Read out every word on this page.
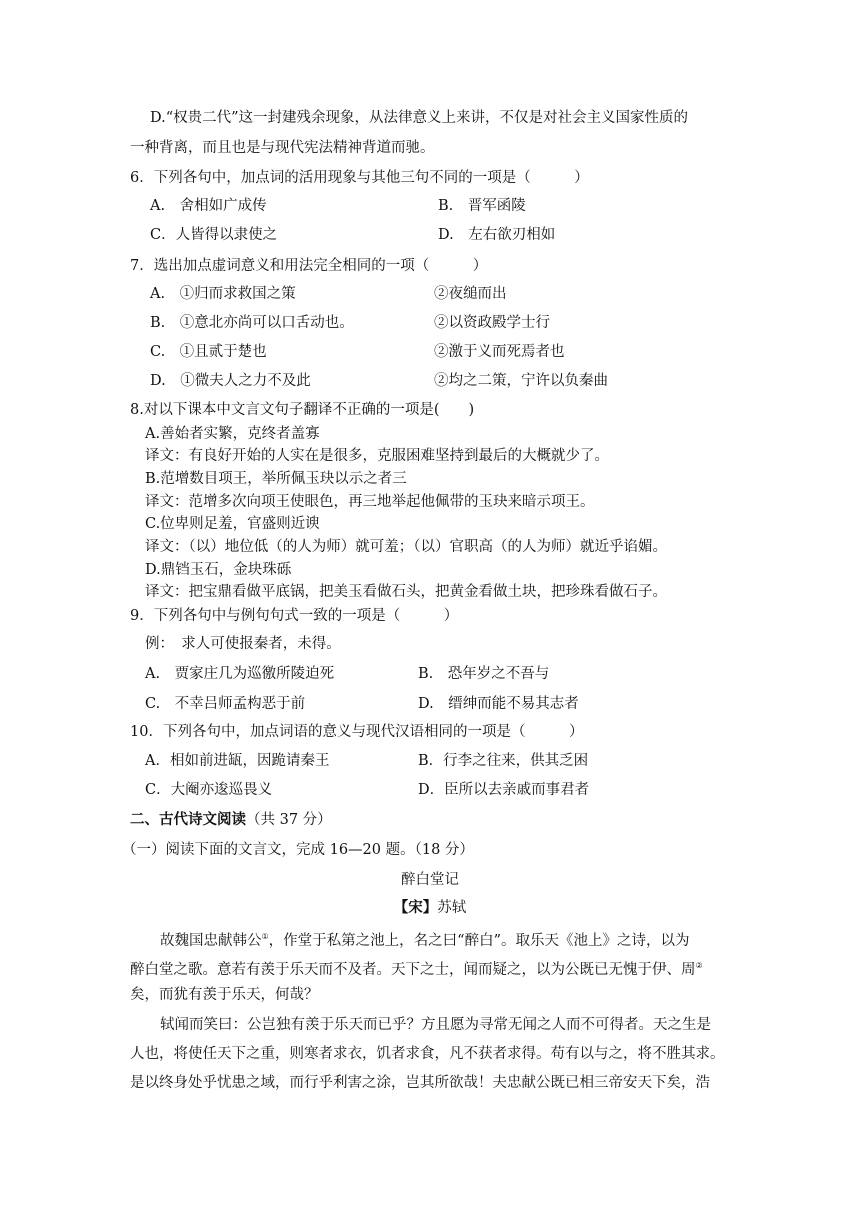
D.“权贵二代”这一封建残余现象，从法律意义上来讲，不仅是对社会主义国家性质的
一种背离，而且也是与现代宪法精神背道而驰。
6．下列各句中，加点词的活用现象与其他三句不同的一项是（　　　）
A.　舍相如广成传	B.　晋军函陵
C．人皆得以隶使之	D.　左右欲刃相如
7．选出加点虚词意义和用法完全相同的一项（　　　）
A.　①归而求救国之策	②夜缒而出
B.　①意北亦尚可以口舌动也。	②以资政殿学士行
C.　①且贰于楚也	②激于义而死焉者也
D.　①微夫人之力不及此	②均之二策，宁许以负秦曲
8.对以下课本中文言文句子翻译不正确的一项是(　　)
A.善始者实繁，克终者盖寡
译文：有良好开始的人实在是很多，克服困难坚持到最后的大概就少了。
B.范增数目项王，举所佩玉玦以示之者三
译文：范增多次向项王使眼色，再三地举起他佩带的玉玦来暗示项王。
C.位卑则足羞，官盛则近谀
译文：（以）地位低（的人为师）就可羞；（以）官职高（的人为师）就近乎谄媚。
D.鼎铛玉石，金块珠砾
译文：把宝鼎看做平底锅，把美玉看做石头，把黄金看做土块，把珍珠看做石子。
9．下列各句中与例句句式一致的一项是（　　　）
例：　求人可使报秦者，未得。
A.　贾家庄几为巡徼所陵迫死	B.　恐年岁之不吾与
C.　不幸吕师孟构恶于前	D.　缙绅而能不易其志者
10．下列各句中，加点词语的意义与现代汉语相同的一项是（　　　）
A．相如前进缻，因跪请秦王	B．行李之往来，供其乏困
C．大阉亦逡巡畏义	D．臣所以去亲戚而事君者
二、古代诗文阅读（共 37 分）
（一）阅读下面的文言文，完成 16—20 题。（18 分）
醉白堂记
【宋】苏轼
故魏国忠献韩公①，作堂于私第之池上，名之曰“醉白”。取乐天《池上》之诗，以为
醉白堂之歌。意若有羡于乐天而不及者。天下之士，闻而疑之，以为公既已无愧于伊、周②
矣，而犹有羡于乐天，何哉？
轼闻而笑曰：公岂独有羡于乐天而已乎？方且愿为寻常无闻之人而不可得者。天之生是
人也，将使任天下之重，则寒者求衣，饥者求食，凡不获者求得。苟有以与之，将不胜其求。
是以终身处乎忧患之域，而行乎利害之涂，岂其所欲哉！夫忠献公既已相三帝安天下矣，浩
